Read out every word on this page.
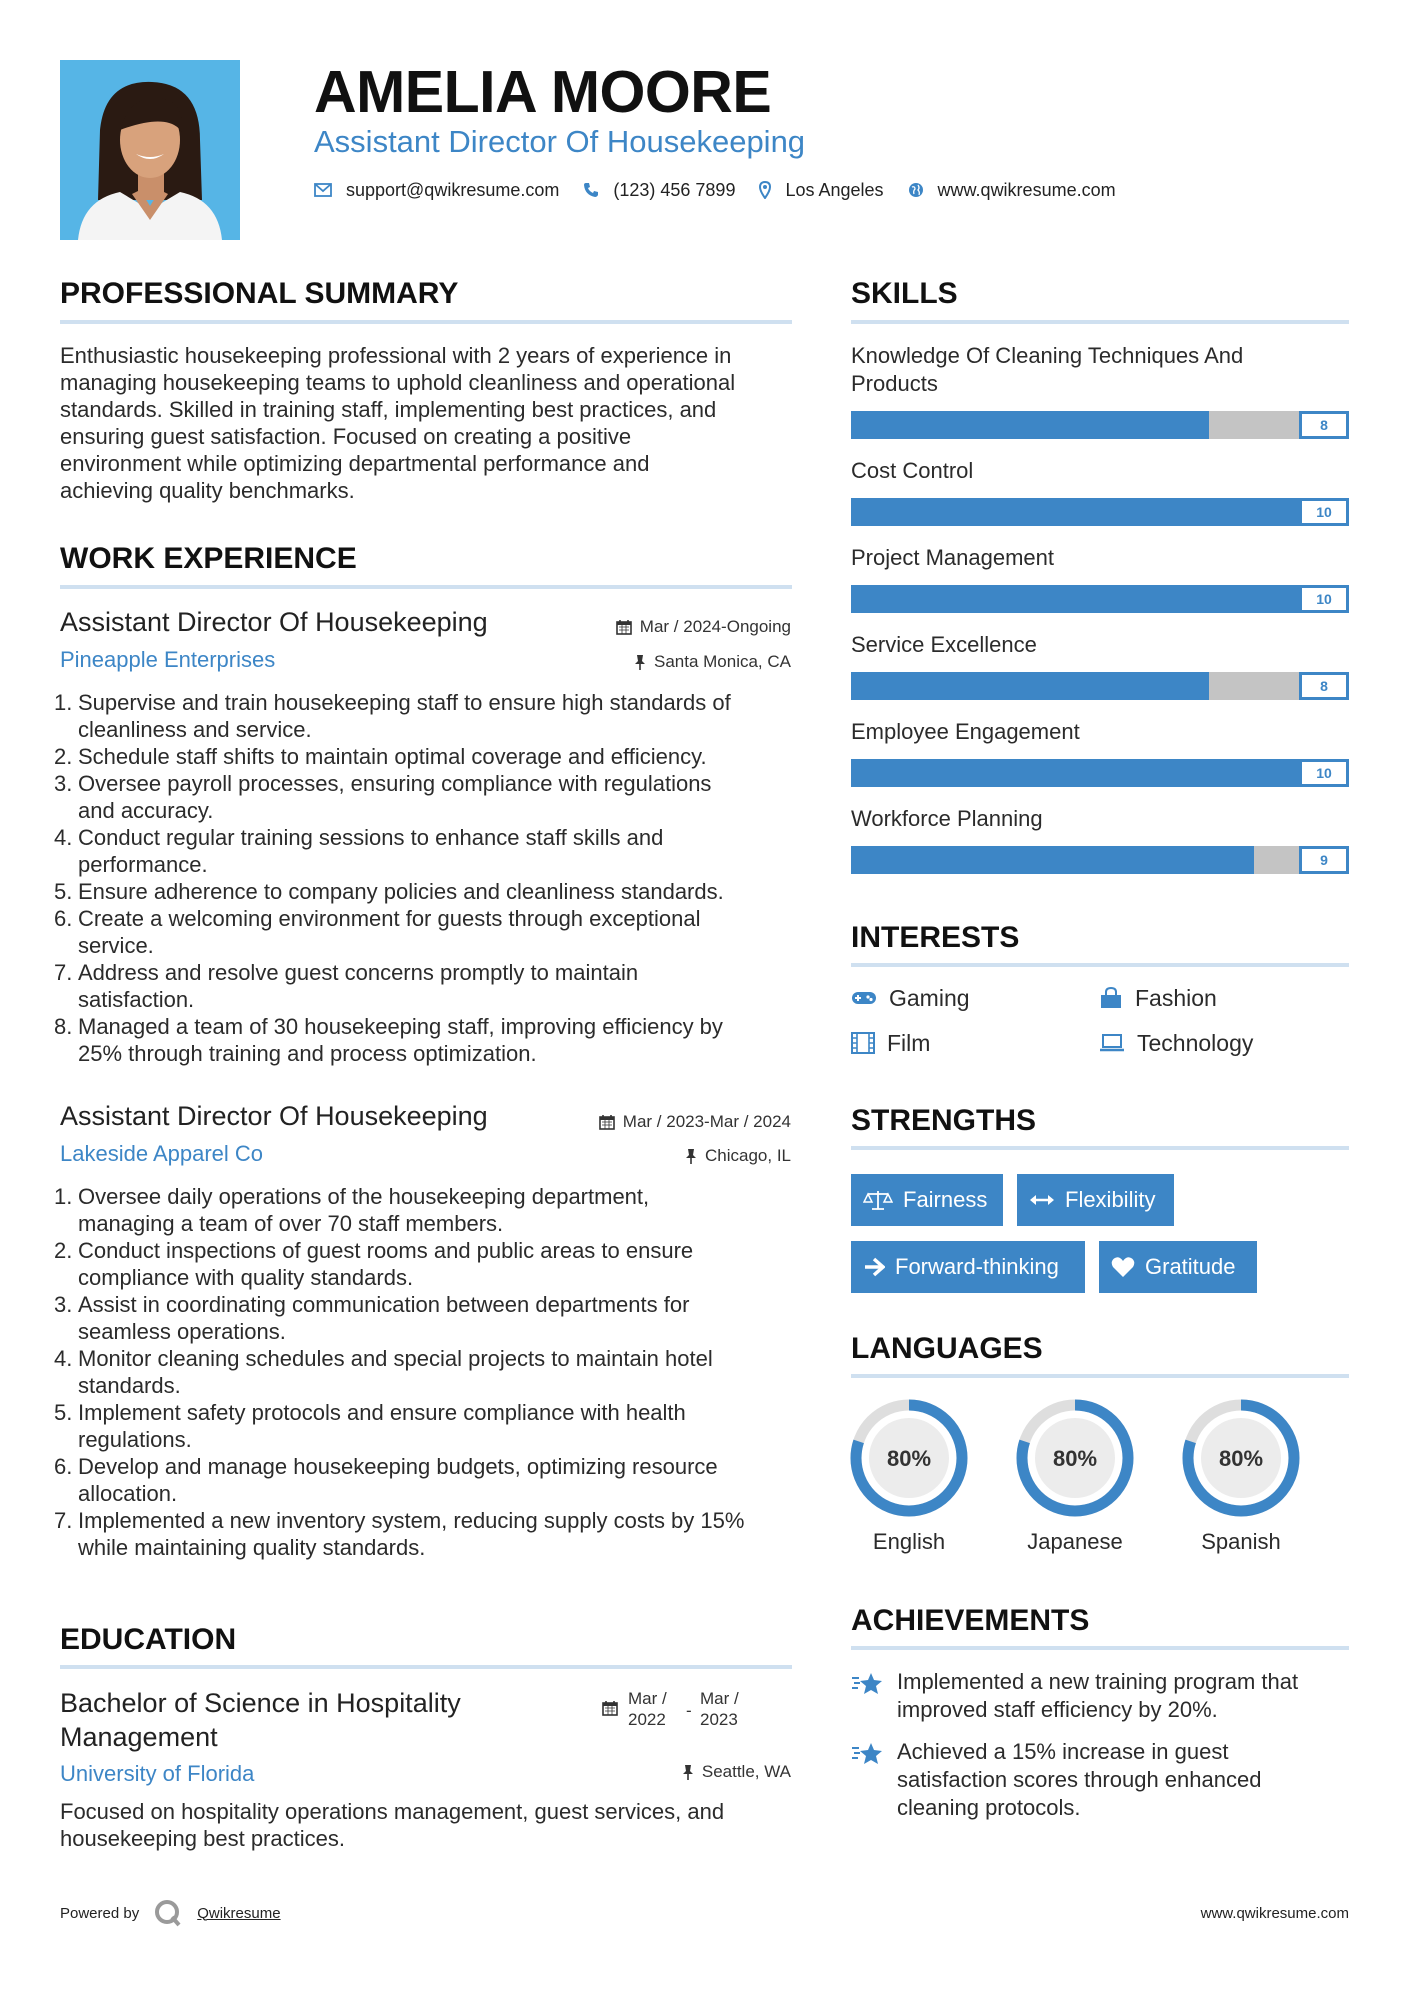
AMELIA MOORE
Assistant Director Of Housekeeping
support@qwikresume.com	(123) 456 7899	Los Angeles	www.qwikresume.com
PROFESSIONAL SUMMARY
Enthusiastic housekeeping professional with 2 years of experience in
managing housekeeping teams to uphold cleanliness and operational
standards. Skilled in training staff, implementing best practices, and
ensuring guest satisfaction. Focused on creating a positive
environment while optimizing departmental performance and
achieving quality benchmarks.
WORK EXPERIENCE
Assistant Director Of Housekeeping
Pineapple Enterprises
Mar / 2024-Ongoing
Santa Monica, CA
1. Supervise and train housekeeping staff to ensure high standards of
cleanliness and service.
2. Schedule staff shifts to maintain optimal coverage and efficiency.
3. Oversee payroll processes, ensuring compliance with regulations
and accuracy.
4. Conduct regular training sessions to enhance staff skills and
performance.
5. Ensure adherence to company policies and cleanliness standards.
6. Create a welcoming environment for guests through exceptional
service.
7. Address and resolve guest concerns promptly to maintain
satisfaction.
8. Managed a team of 30 housekeeping staff, improving efficiency by
25% through training and process optimization.
Assistant Director Of Housekeeping
Lakeside Apparel Co
Mar / 2023-Mar / 2024
Chicago, IL
1. Oversee daily operations of the housekeeping department,
managing a team of over 70 staff members.
2. Conduct inspections of guest rooms and public areas to ensure
compliance with quality standards.
3. Assist in coordinating communication between departments for
seamless operations.
4. Monitor cleaning schedules and special projects to maintain hotel
standards.
5. Implement safety protocols and ensure compliance with health
regulations.
6. Develop and manage housekeeping budgets, optimizing resource
allocation.
7. Implemented a new inventory system, reducing supply costs by 15%
while maintaining quality standards.
EDUCATION
Bachelor of Science in Hospitality
Management
University of Florida
Mar /
2022	-
Mar /
2023
Seattle, WA
Focused on hospitality operations management, guest services, and
housekeeping best practices.
SKILLS
Knowledge Of Cleaning Techniques And
Products
8
Cost Control
10
Project Management
10
Service Excellence
8
Employee Engagement
10
Workforce Planning
9
INTERESTS
Gaming	Fashion
Film	Technology
STRENGTHS
Fairness	Flexibility
Forward-thinking	Gratitude
LANGUAGES
80%
English
80%
Japanese
80%
Spanish
ACHIEVEMENTS
Implemented a new training program that
improved staff efficiency by 20%.
Achieved a 15% increase in guest
satisfaction scores through enhanced
cleaning protocols.
Powered by	Qwikresume	www.qwikresume.com
